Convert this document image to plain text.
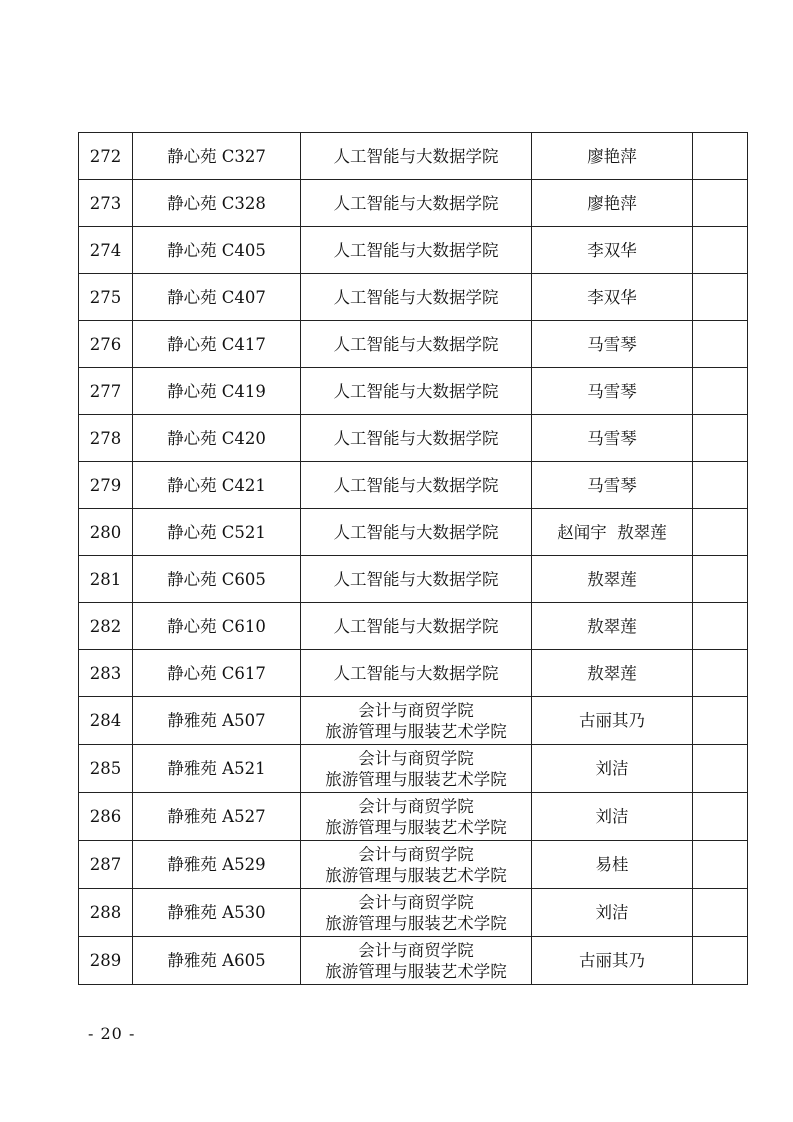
272	静心苑 C327	人工智能与大数据学院	廖艳萍	
273	静心苑 C328	人工智能与大数据学院	廖艳萍	
274	静心苑 C405	人工智能与大数据学院	李双华	
275	静心苑 C407	人工智能与大数据学院	李双华	
276	静心苑 C417	人工智能与大数据学院	马雪琴	
277	静心苑 C419	人工智能与大数据学院	马雪琴	
278	静心苑 C420	人工智能与大数据学院	马雪琴	
279	静心苑 C421	人工智能与大数据学院	马雪琴	
280	静心苑 C521	人工智能与大数据学院	赵闻宇  敖翠莲	
281	静心苑 C605	人工智能与大数据学院	敖翠莲	
282	静心苑 C610	人工智能与大数据学院	敖翠莲	
283	静心苑 C617	人工智能与大数据学院	敖翠莲	
284	静雅苑 A507	会计与商贸学院
旅游管理与服装艺术学院	古丽其乃	
285	静雅苑 A521	会计与商贸学院
旅游管理与服装艺术学院	刘洁	
286	静雅苑 A527	会计与商贸学院
旅游管理与服装艺术学院	刘洁	
287	静雅苑 A529	会计与商贸学院
旅游管理与服装艺术学院	易桂	
288	静雅苑 A530	会计与商贸学院
旅游管理与服装艺术学院	刘洁	
289	静雅苑 A605	会计与商贸学院
旅游管理与服装艺术学院	古丽其乃	
- 20 -
